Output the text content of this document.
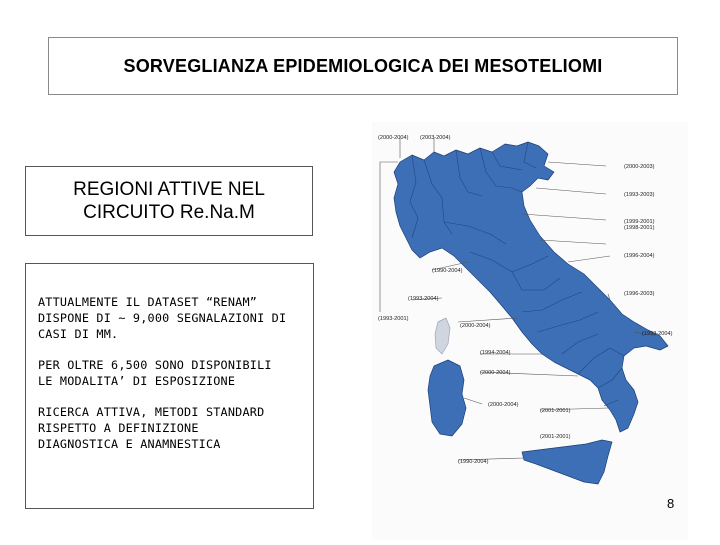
SORVEGLIANZA EPIDEMIOLOGICA DEI MESOTELIOMI
REGIONI ATTIVE NEL
CIRCUITO Re.Na.M

ATTUALMENTE IL DATASET “RENAM”
DISPONE DI ~ 9,000 SEGNALAZIONI DI
CASI DI MM.

PER OLTRE 6,500 SONO DISPONIBILI
LE MODALITA’ DI ESPOSIZIONE

RICERCA ATTIVA, METODI STANDARD
RISPETTO A DEFINIZIONE
DIAGNOSTICA E ANAMNESTICA

(2000-2004) (2003-2004)
(2000-2003)
(1993-2003)
(1999-2001)
(1998-2001)
(1996-2004)
(1990-2004)
(1996-2003)
(1993-2004)
(1993-2001)
(2000-2004)
(1993-2004)
(1994-2004)
(2000-2004)
(2000-2004)
(2001-2001)
(2001-2001)
(1990-2004)
8
